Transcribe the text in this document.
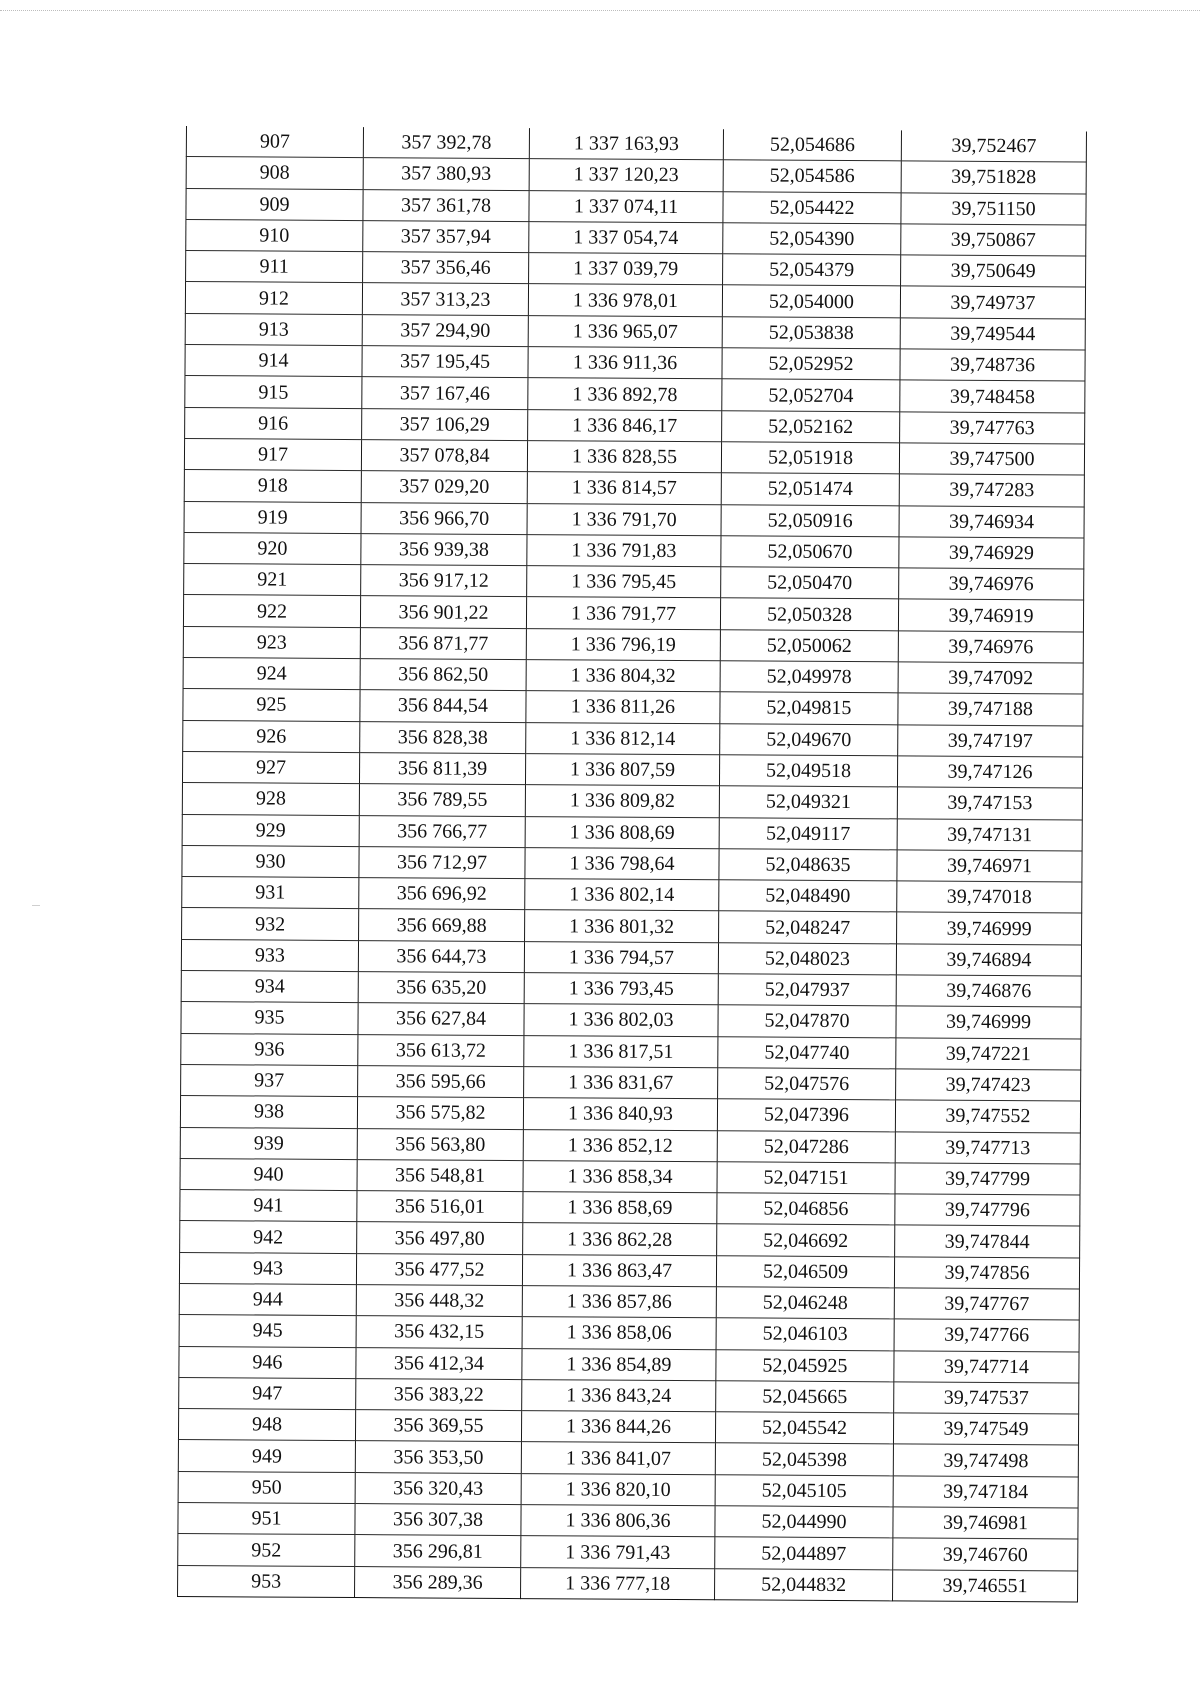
907	357 392,78	1 337 163,93	52,054686	39,752467
908	357 380,93	1 337 120,23	52,054586	39,751828
909	357 361,78	1 337 074,11	52,054422	39,751150
910	357 357,94	1 337 054,74	52,054390	39,750867
911	357 356,46	1 337 039,79	52,054379	39,750649
912	357 313,23	1 336 978,01	52,054000	39,749737
913	357 294,90	1 336 965,07	52,053838	39,749544
914	357 195,45	1 336 911,36	52,052952	39,748736
915	357 167,46	1 336 892,78	52,052704	39,748458
916	357 106,29	1 336 846,17	52,052162	39,747763
917	357 078,84	1 336 828,55	52,051918	39,747500
918	357 029,20	1 336 814,57	52,051474	39,747283
919	356 966,70	1 336 791,70	52,050916	39,746934
920	356 939,38	1 336 791,83	52,050670	39,746929
921	356 917,12	1 336 795,45	52,050470	39,746976
922	356 901,22	1 336 791,77	52,050328	39,746919
923	356 871,77	1 336 796,19	52,050062	39,746976
924	356 862,50	1 336 804,32	52,049978	39,747092
925	356 844,54	1 336 811,26	52,049815	39,747188
926	356 828,38	1 336 812,14	52,049670	39,747197
927	356 811,39	1 336 807,59	52,049518	39,747126
928	356 789,55	1 336 809,82	52,049321	39,747153
929	356 766,77	1 336 808,69	52,049117	39,747131
930	356 712,97	1 336 798,64	52,048635	39,746971
931	356 696,92	1 336 802,14	52,048490	39,747018
932	356 669,88	1 336 801,32	52,048247	39,746999
933	356 644,73	1 336 794,57	52,048023	39,746894
934	356 635,20	1 336 793,45	52,047937	39,746876
935	356 627,84	1 336 802,03	52,047870	39,746999
936	356 613,72	1 336 817,51	52,047740	39,747221
937	356 595,66	1 336 831,67	52,047576	39,747423
938	356 575,82	1 336 840,93	52,047396	39,747552
939	356 563,80	1 336 852,12	52,047286	39,747713
940	356 548,81	1 336 858,34	52,047151	39,747799
941	356 516,01	1 336 858,69	52,046856	39,747796
942	356 497,80	1 336 862,28	52,046692	39,747844
943	356 477,52	1 336 863,47	52,046509	39,747856
944	356 448,32	1 336 857,86	52,046248	39,747767
945	356 432,15	1 336 858,06	52,046103	39,747766
946	356 412,34	1 336 854,89	52,045925	39,747714
947	356 383,22	1 336 843,24	52,045665	39,747537
948	356 369,55	1 336 844,26	52,045542	39,747549
949	356 353,50	1 336 841,07	52,045398	39,747498
950	356 320,43	1 336 820,10	52,045105	39,747184
951	356 307,38	1 336 806,36	52,044990	39,746981
952	356 296,81	1 336 791,43	52,044897	39,746760
953	356 289,36	1 336 777,18	52,044832	39,746551
